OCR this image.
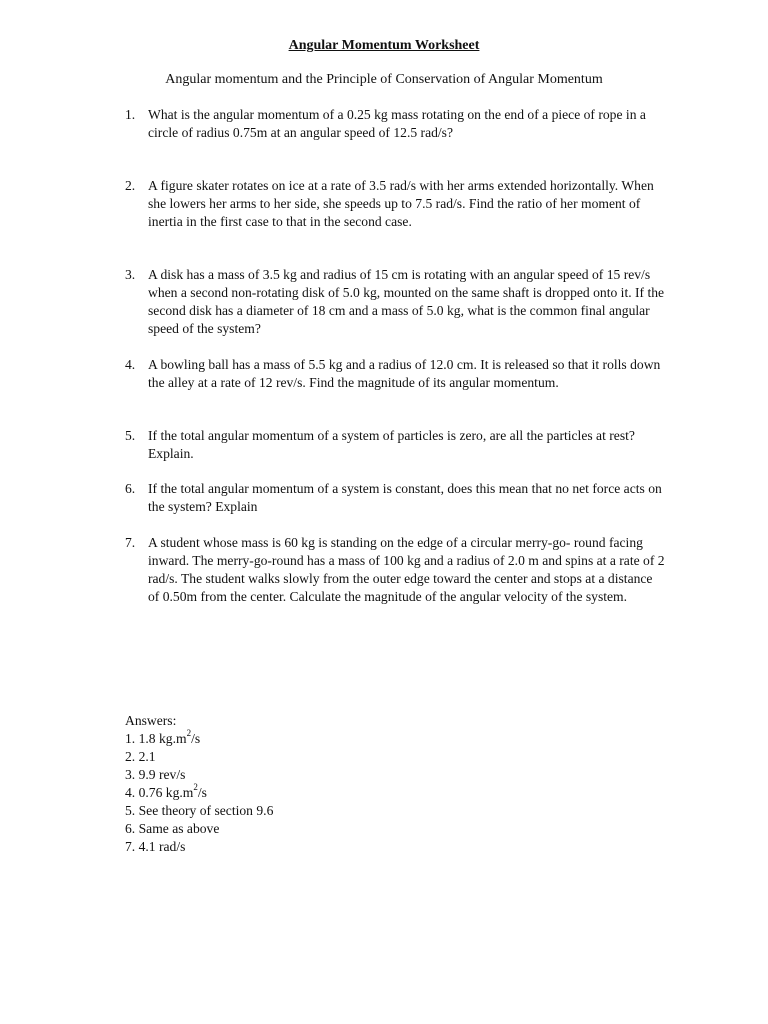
Angular Momentum Worksheet
Angular momentum and the Principle of Conservation of Angular Momentum
1. What is the angular momentum of a 0.25 kg mass rotating on the end of a piece of rope in a circle of radius 0.75m at an angular speed of 12.5 rad/s?
2. A figure skater rotates on ice at a rate of 3.5 rad/s with her arms extended horizontally. When she lowers her arms to her side, she speeds up to 7.5 rad/s. Find the ratio of her moment of inertia in the first case to that in the second case.
3. A disk has a mass of 3.5 kg and radius of 15 cm is rotating with an angular speed of 15 rev/s when a second non-rotating disk of 5.0 kg, mounted on the same shaft is dropped onto it. If the second disk has a diameter of 18 cm and a mass of 5.0 kg, what is the common final angular speed of the system?
4. A bowling ball has a mass of 5.5 kg and a radius of 12.0 cm. It is released so that it rolls down the alley at a rate of 12 rev/s. Find the magnitude of its angular momentum.
5. If the total angular momentum of a system of particles is zero, are all the particles at rest? Explain.
6. If the total angular momentum of a system is constant, does this mean that no net force acts on the system? Explain
7. A student whose mass is 60 kg is standing on the edge of a circular merry-go- round facing inward. The merry-go-round has a mass of 100 kg and a radius of 2.0 m and spins at a rate of 2 rad/s. The student walks slowly from the outer edge toward the center and stops at a distance of 0.50m from the center. Calculate the magnitude of the angular velocity of the system.
Answers:
1. 1.8 $kg.m^2/s$
2. 2.1
3. 9.9 rev/s
4. 0.76 $kg.m^2/s$
5. See theory of section 9.6
6. Same as above
7. 4.1 rad/s
